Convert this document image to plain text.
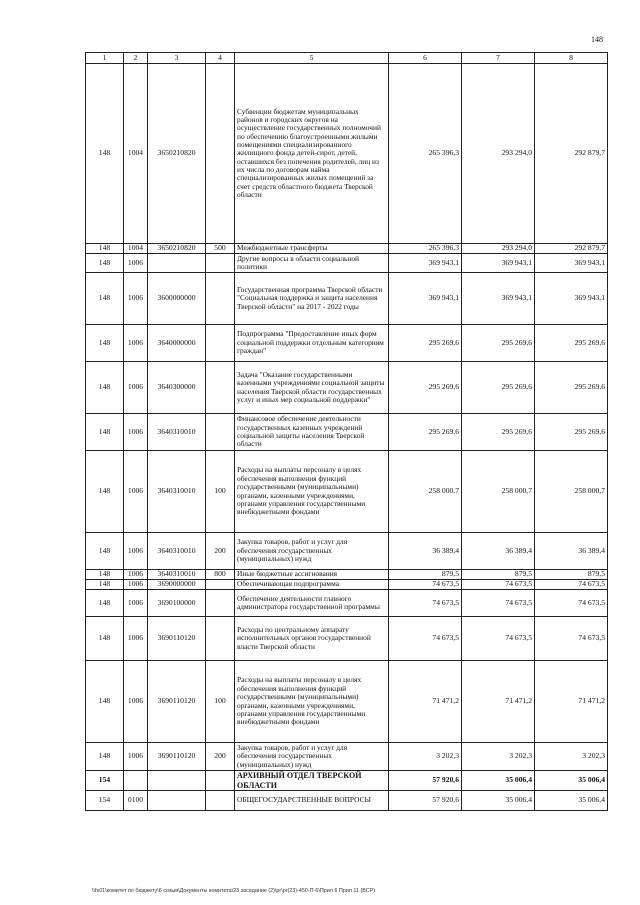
148
1	2	3	4	5	6	7	8
148	1004	3650210820		Субвенции бюджетам муниципальных районов и городских округов на осуществление государственных полномочий по обеспечению благоустроенными жилыми помещениями специализированного жилищного фонда детей-сирот, детей, оставшихся без попечения родителей, лиц из их числа по договорам найма специализированных жилых помещений за счет средств областного бюджета Тверской области	265 396,3	293 294,0	292 879,7
148	1004	3650210820	500	Межбюджетные трансферты	265 396,3	293 294,0	292 879,7
148	1006			Другие вопросы в области социальной политики	369 943,1	369 943,1	369 943,1
148	1006	3600000000		Государственная программа Тверской области "Социальная поддержка и защита населения Тверской области" на 2017 - 2022 годы	369 943,1	369 943,1	369 943,1
148	1006	3640000000		Подпрограмма "Предоставление иных форм социальной поддержки отдельным категориям граждан"	295 269,6	295 269,6	295 269,6
148	1006	3640300000		Задача "Оказание государственными казенными учреждениями социальной защиты населения Тверской области государственных услуг и иных мер социальной поддержки"	295 269,6	295 269,6	295 269,6
148	1006	3640310010		Финансовое обеспечение деятельности государственных казенных учреждений социальной защиты населения Тверской области	295 269,6	295 269,6	295 269,6
148	1006	3640310010	100	Расходы на выплаты персоналу в целях обеспечения выполнения функций государственными (муниципальными) органами, казенными учреждениями, органами управления государственными внебюджетными фондами	258 000,7	258 000,7	258 000,7
148	1006	3640310010	200	Закупка товаров, работ и услуг для обеспечения государственных (муниципальных) нужд	36 389,4	36 389,4	36 389,4
148	1006	3640310010	800	Иные бюджетные ассигнования	879,5	879,5	879,5
148	1006	3690000000		Обеспечивающая подпрограмма	74 673,5	74 673,5	74 673,5
148	1006	3690100000		Обеспечение деятельности главного администратора государственной программы	74 673,5	74 673,5	74 673,5
148	1006	3690110120		Расходы по центральному аппарату исполнительных органов государственной власти Тверской области	74 673,5	74 673,5	74 673,5
148	1006	3690110120	100	Расходы на выплаты персоналу в целях обеспечения выполнения функций государственными (муниципальными) органами, казенными учреждениями, органами управления государственными внебюджетными фондами	71 471,2	71 471,2	71 471,2
148	1006	3690110120	200	Закупка товаров, работ и услуг для обеспечения государственных (муниципальных) нужд	3 202,3	3 202,3	3 202,3
154				АРХИВНЫЙ ОТДЕЛ ТВЕРСКОЙ ОБЛАСТИ	57 920,6	35 006,4	35 006,4
154	0100			ОБЩЕГОСУДАРСТВЕННЫЕ ВОПРОСЫ	57 920,6	35 006,4	35 006,4
\\fs01\комитет по бюджету\6 созыв\Документы комитета\23 заседание (2)\pr\pr(23)-450-П-6\Прил 6 Прил 11 (ВСР)
